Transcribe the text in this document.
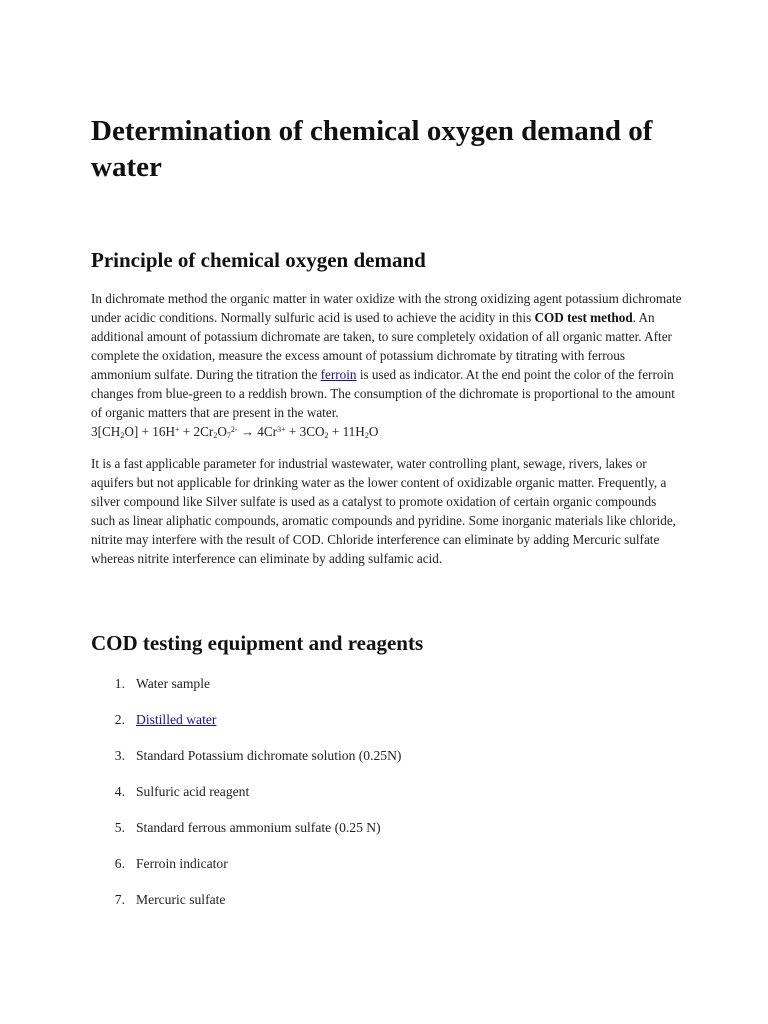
Determination of chemical oxygen demand of water
Principle of chemical oxygen demand

In dichromate method the organic matter in water oxidize with the strong oxidizing agent potassium dichromate under acidic conditions. Normally sulfuric acid is used to achieve the acidity in this COD test method. An additional amount of potassium dichromate are taken, to sure completely oxidation of all organic matter. After complete the oxidation, measure the excess amount of potassium dichromate by titrating with ferrous ammonium sulfate. During the titration the ferroin is used as indicator. At the end point the color of the ferroin changes from blue-green to a reddish brown. The consumption of the dichromate is proportional to the amount of organic matters that are present in the water.
$3[CH_2O] + 16H^+ + 2Cr_2O_7^{2-} \to 4Cr^{3+} + 3CO_2 + 11H_2O$

It is a fast applicable parameter for industrial wastewater, water controlling plant, sewage, rivers, lakes or aquifers but not applicable for drinking water as the lower content of oxidizable organic matter. Frequently, a silver compound like Silver sulfate is used as a catalyst to promote oxidation of certain organic compounds such as linear aliphatic compounds, aromatic compounds and pyridine. Some inorganic materials like chloride, nitrite may interfere with the result of COD. Chloride interference can eliminate by adding Mercuric sulfate whereas nitrite interference can eliminate by adding sulfamic acid.

COD testing equipment and reagents
1. Water sample
2. Distilled water
3. Standard Potassium dichromate solution (0.25N)
4. Sulfuric acid reagent
5. Standard ferrous ammonium sulfate (0.25 N)
6. Ferroin indicator
7. Mercuric sulfate
